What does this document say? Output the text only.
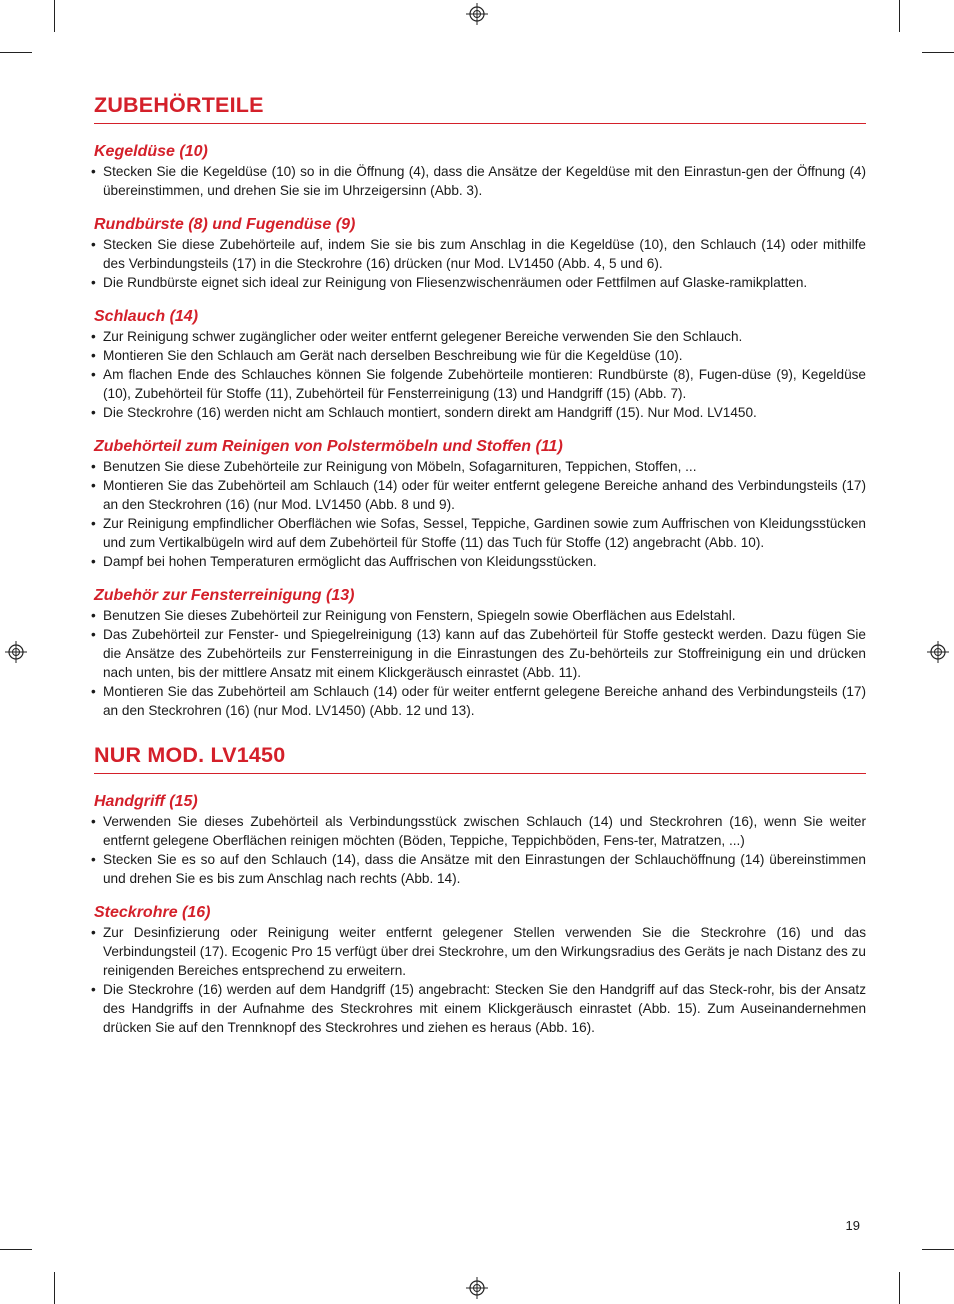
ZUBEHÖRTEILE
Kegeldüse (10)
• Stecken Sie die Kegeldüse (10) so in die Öffnung (4), dass die Ansätze der Kegeldüse mit den Einrastun-gen der Öffnung (4) übereinstimmen, und drehen Sie sie im Uhrzeigersinn (Abb. 3).
Rundbürste (8) und Fugendüse (9)
• Stecken Sie diese Zubehörteile auf, indem Sie sie bis zum Anschlag in die Kegeldüse (10), den Schlauch (14) oder mithilfe des Verbindungsteils (17) in die Steckrohre (16) drücken (nur Mod. LV1450 (Abb. 4, 5 und 6).
• Die Rundbürste eignet sich ideal zur Reinigung von Fliesenzwischenräumen oder Fettfilmen auf Glaske-ramikplatten.
Schlauch (14)
• Zur Reinigung schwer zugänglicher oder weiter entfernt gelegener Bereiche verwenden Sie den Schlauch.
• Montieren Sie den Schlauch am Gerät nach derselben Beschreibung wie für die Kegeldüse (10).
• Am flachen Ende des Schlauches können Sie folgende Zubehörteile montieren: Rundbürste (8), Fugen-düse (9), Kegeldüse (10), Zubehörteil für Stoffe (11), Zubehörteil für Fensterreinigung (13) und Handgriff (15) (Abb. 7).
• Die Steckrohre (16) werden nicht am Schlauch montiert, sondern direkt am Handgriff (15). Nur Mod. LV1450.
Zubehörteil zum Reinigen von Polstermöbeln und Stoffen (11)
• Benutzen Sie diese Zubehörteile zur Reinigung von Möbeln, Sofagarnituren, Teppichen, Stoffen, ...
• Montieren Sie das Zubehörteil am Schlauch (14) oder für weiter entfernt gelegene Bereiche anhand des Verbindungsteils (17) an den Steckrohren (16) (nur Mod. LV1450 (Abb. 8 und 9).
• Zur Reinigung empfindlicher Oberflächen wie Sofas, Sessel, Teppiche, Gardinen sowie zum Auffrischen von Kleidungsstücken und zum Vertikalbügeln wird auf dem Zubehörteil für Stoffe (11) das Tuch für Stoffe (12) angebracht (Abb. 10).
• Dampf bei hohen Temperaturen ermöglicht das Auffrischen von Kleidungsstücken.
Zubehör zur Fensterreinigung (13)
• Benutzen Sie dieses Zubehörteil zur Reinigung von Fenstern, Spiegeln sowie Oberflächen aus Edelstahl.
• Das Zubehörteil zur Fenster- und Spiegelreinigung (13) kann auf das Zubehörteil für Stoffe gesteckt werden. Dazu fügen Sie die Ansätze des Zubehörteils zur Fensterreinigung in die Einrastungen des Zu-behörteils zur Stoffreinigung ein und drücken nach unten, bis der mittlere Ansatz mit einem Klickgeräusch einrastet (Abb. 11).
• Montieren Sie das Zubehörteil am Schlauch (14) oder für weiter entfernt gelegene Bereiche anhand des Verbindungsteils (17) an den Steckrohren (16) (nur Mod. LV1450) (Abb. 12 und 13).
NUR MOD. LV1450
Handgriff (15)
• Verwenden Sie dieses Zubehörteil als Verbindungsstück zwischen Schlauch (14) und Steckrohren (16), wenn Sie weiter entfernt gelegene Oberflächen reinigen möchten (Böden, Teppiche, Teppichböden, Fens-ter, Matratzen, ...)
• Stecken Sie es so auf den Schlauch (14), dass die Ansätze mit den Einrastungen der Schlauchöffnung (14) übereinstimmen und drehen Sie es bis zum Anschlag nach rechts (Abb. 14).
Steckrohre (16)
• Zur Desinfizierung oder Reinigung weiter entfernt gelegener Stellen verwenden Sie die Steckrohre (16) und das Verbindungsteil (17). Ecogenic Pro 15 verfügt über drei Steckrohre, um den Wirkungsradius des Geräts je nach Distanz des zu reinigenden Bereiches entsprechend zu erweitern.
• Die Steckrohre (16) werden auf dem Handgriff (15) angebracht: Stecken Sie den Handgriff auf das Steck-rohr, bis der Ansatz des Handgriffs in der Aufnahme des Steckrohres mit einem Klickgeräusch einrastet (Abb. 15). Zum Auseinandernehmen drücken Sie auf den Trennknopf des Steckrohres und ziehen es heraus (Abb. 16).
19
